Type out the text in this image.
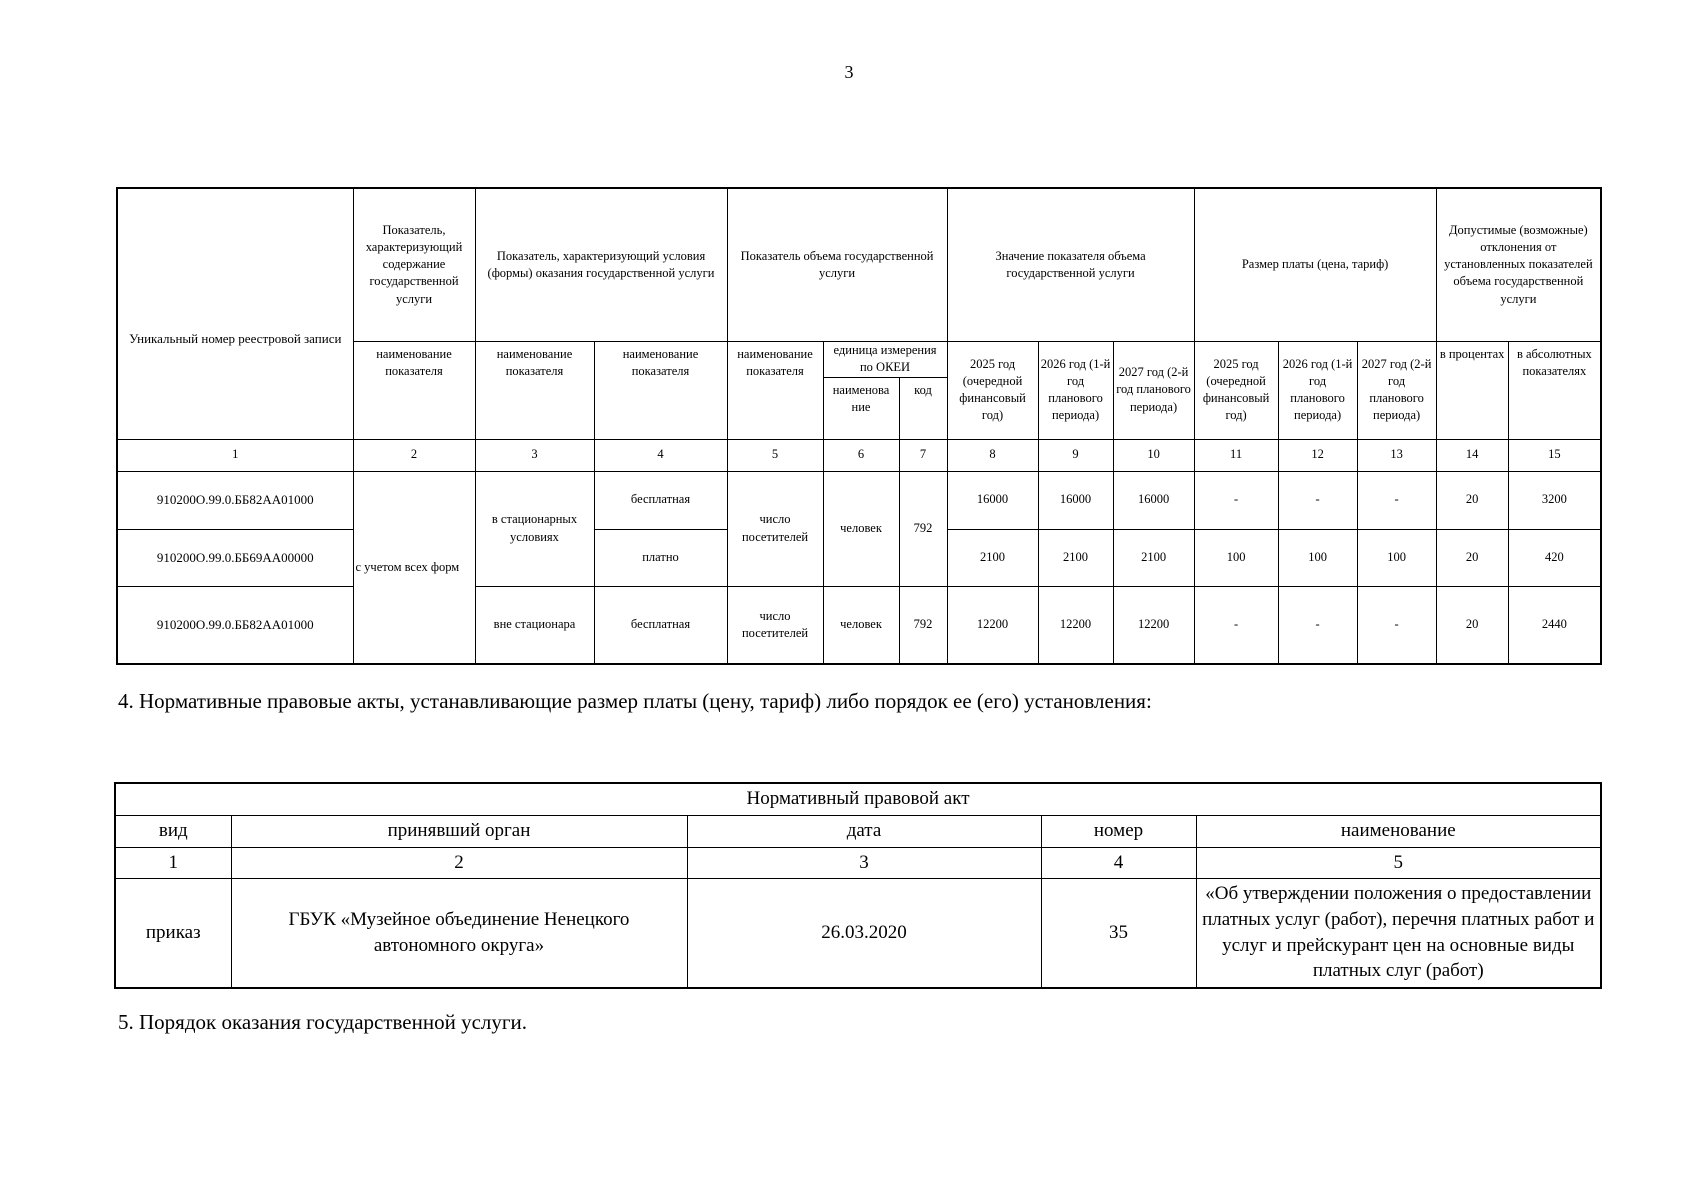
3
Уникальный номер реестровой записи	Показатель, характеризующий содержание государственной услуги	Показатель, характеризующий условия (формы) оказания государственной услуги		Показатель объема государственной услуги			Значение показателя объема государственной услуги			Размер платы (цена, тариф)			Допустимые (возможные) отклонения от установленных показателей объема государственной услуги	
	наименование показателя	наименование показателя	наименование показателя	наименование показателя	единица измерения по ОКЕИ		2025 год (очередной финансовый год)	2026 год (1-й год планового периода)	2027 год (2-й год планового периода)	2025 год (очередной финансовый год)	2026 год (1-й год планового периода)	2027 год (2-й год планового периода)	в процентах	в абсолютных показателях
					наименова ние	код								
1	2	3	4	5	6	7	8	9	10	11	12	13	14	15
910200О.99.0.ББ82АА01000	с учетом всех форм	в стационарных условиях	бесплатная	число посетителей	человек	792	16000	16000	16000	-	-	-	20	3200
910200О.99.0.ББ69АА00000			платно				2100	2100	2100	100	100	100	20	420
910200О.99.0.ББ82АА01000		вне стационара	бесплатная	число посетителей	человек	792	12200	12200	12200	-	-	-	20	2440
4. Нормативные правовые акты, устанавливающие размер платы (цену, тариф) либо порядок ее (его) установления:
Нормативный правовой акт				
вид	принявший орган	дата	номер	наименование
1	2	3	4	5
приказ	ГБУК «Музейное объединение Ненецкого автономного округа»	26.03.2020	35	«Об утверждении положения о предоставлении платных услуг (работ), перечня платных работ и услуг и прейскурант цен на основные виды платных слуг (работ)
5. Порядок оказания государственной услуги.
